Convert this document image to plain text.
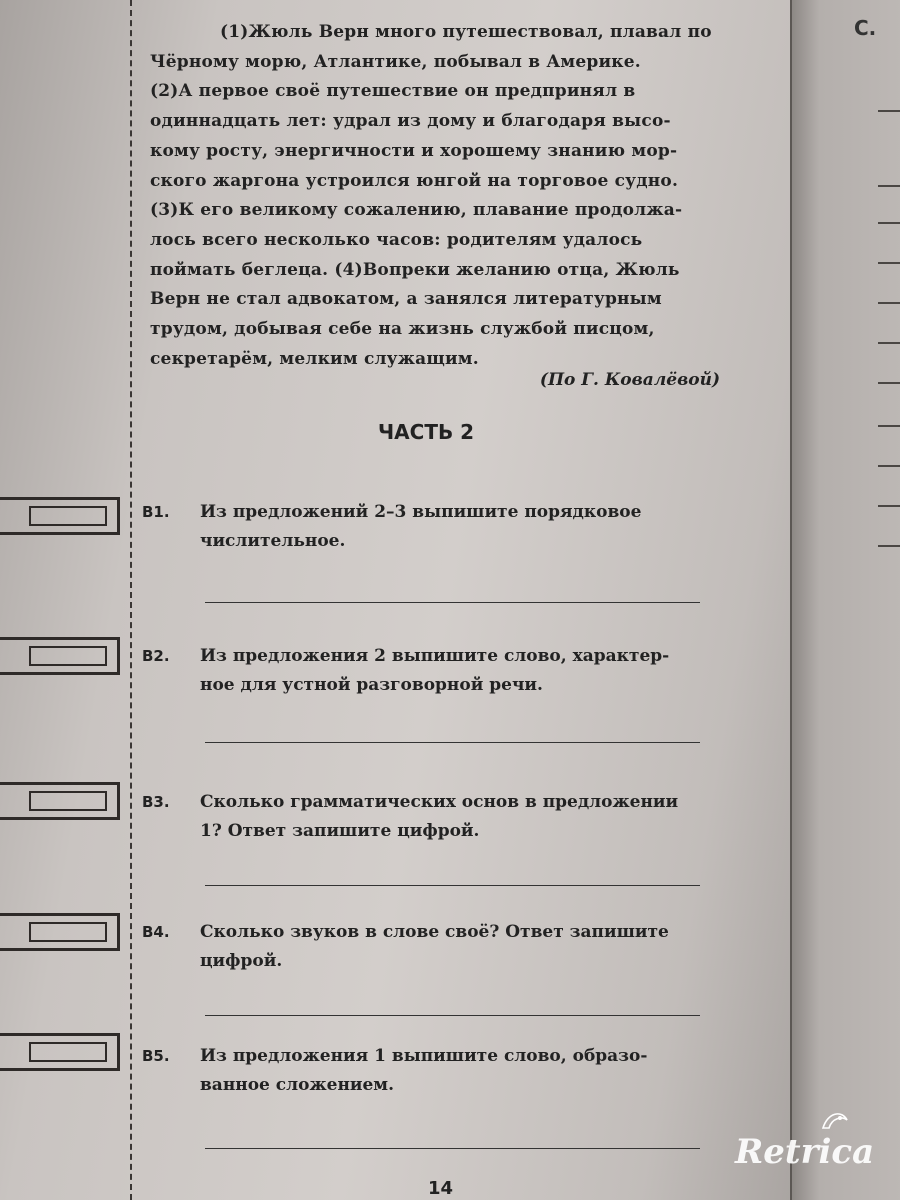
(1)Жюль Верн много путешествовал, плавал по
Чёрному морю, Атлантике, побывал в Америке.
(2)А первое своё путешествие он предпринял в
одиннадцать лет: удрал из дому и благодаря высо-
кому росту, энергичности и хорошему знанию мор-
ского жаргона устроился юнгой на торговое судно.
(3)К его великому сожалению, плавание продолжа-
лось всего несколько часов: родителям удалось
поймать беглеца. (4)Вопреки желанию отца, Жюль
Верн не стал адвокатом, а занялся литературным
трудом, добывая себе на жизнь службой писцом,
секретарём, мелким служащим.
(По Г. Ковалёвой)
ЧАСТЬ 2
В1. Из предложений 2–3 выпишите порядковое
числительное.
В2. Из предложения 2 выпишите слово, характер-
ное для устной разговорной речи.
В3. Сколько грамматических основ в предложении
1? Ответ запишите цифрой.
В4. Сколько звуков в слове своё? Ответ запишите
цифрой.
В5. Из предложения 1 выпишите слово, образо-
ванное сложением.
14
С.
Retrica
